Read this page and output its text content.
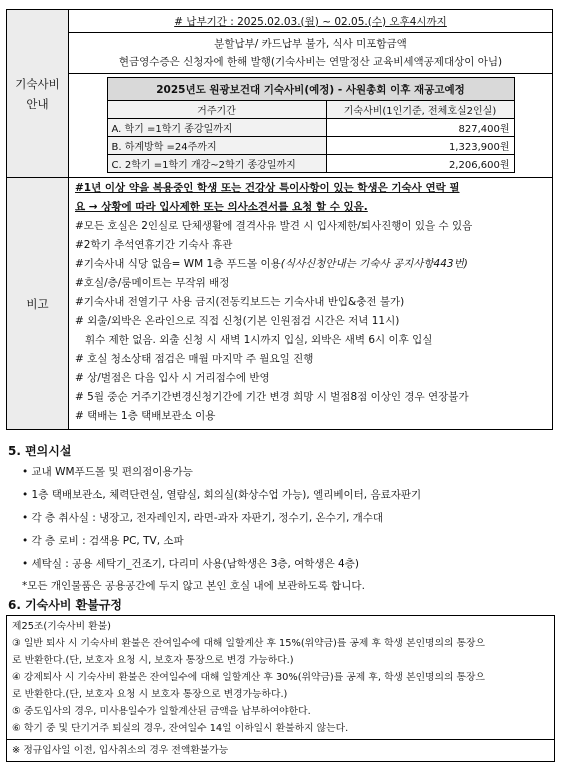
기숙사비
안내
	# 납부기간 : 2025.02.03.(월) ~ 02.05.(수) 오후4시까지

분할납부/ 카드납부 불가, 식사 미포함금액
현금영수증은 신청자에 한해 발행(기숙사비는 연말정산 교육비세액공제대상이 아님)

2025년도 원광보건대 기숙사비(예정) - 사원총회 이후 재공고예정
거주기간	기숙사비(1인기준, 전체호실2인실)
A. 학기 =1학기 종강일까지	827,400원
B. 하계방학 =24주까지	1,323,900원
C. 2학기 =1학기 개강~2학기 종강일까지	2,206,600원

비고	
#1년 이상 약을 복용중인 학생 또는 건강상 특이사항이 있는 학생은 기숙사 연락 필
요 → 상황에 따라 입사제한 또는 의사소견서를 요청 할 수 있음.
#모든 호실은 2인실로 단체생활에 결격사유 발견 시 입사제한/퇴사진행이 있을 수 있음
#2학기 추석연휴기간 기숙사 휴관
#기숙사내 식당 없음= WM 1층 푸드몰 이용(식사신청안내는 기숙사 공지사항443번)
#호실/층/룸메이트는 무작위 배정
#기숙사내 전열기구 사용 금지(전동킥보드는 기숙사내 반입&충전 불가)
# 외출/외박은 온라인으로 직접 신청(기본 인원점검 시간은 저녁 11시)
휘수 제한 없음. 외출 신청 시 새벽 1시까지 입실, 외박은 새벽 6시 이후 입실
# 호실 청소상태 점검은 매월 마지막 주 월요일 진행
# 상/벌점은 다음 입사 시 거리점수에 반영
# 5월 중순 거주기간변경신청기간에 기간 변경 희망 시 벌점8점 이상인 경우 연장불가
# 택배는 1층 택배보관소 이용
5. 편의시설
• 교내 WM푸드몰 및 편의점이용가능
• 1층 택배보관소, 체력단련실, 열람실, 회의실(화상수업 가능), 엘리베이터, 음료자판기
• 각 층 취사실 : 냉장고, 전자레인지, 라면-과자 자판기, 정수기, 온수기, 개수대
• 각 층 로비 : 검색용 PC, TV, 소파
• 세탁실 : 공용 세탁기_건조기, 다리미 사용(남학생은 3층, 여학생은 4층)
*모든 개인물품은 공용공간에 두지 않고 본인 호실 내에 보관하도록 합니다.
6. 기숙사비 환불규정
제25조(기숙사비 환불)
③ 일반 퇴사 시 기숙사비 환불은 잔여일수에 대해 일할계산 후 15%(위약금)를 공제 후 학생 본인명의의 통장으
로 반환한다.(단, 보호자 요청 시, 보호자 통장으로 변경 가능하다.)
④ 강제퇴사 시 기숙사비 환불은 잔여일수에 대해 일할계산 후 30%(위약금)를 공제 후, 학생 본인명의의 통장으
로 반환한다.(단, 보호자 요청 시 보호자 통장으로 변경가능하다.)
⑤ 중도입사의 경우, 미사용일수가 일할계산된 금액을 납부하여야한다.
⑥ 학기 중 및 단기거주 퇴실의 경우, 잔여일수 14일 이하일시 환불하지 않는다.
※ 정규입사일 이전, 입사취소의 경우 전액환불가능
